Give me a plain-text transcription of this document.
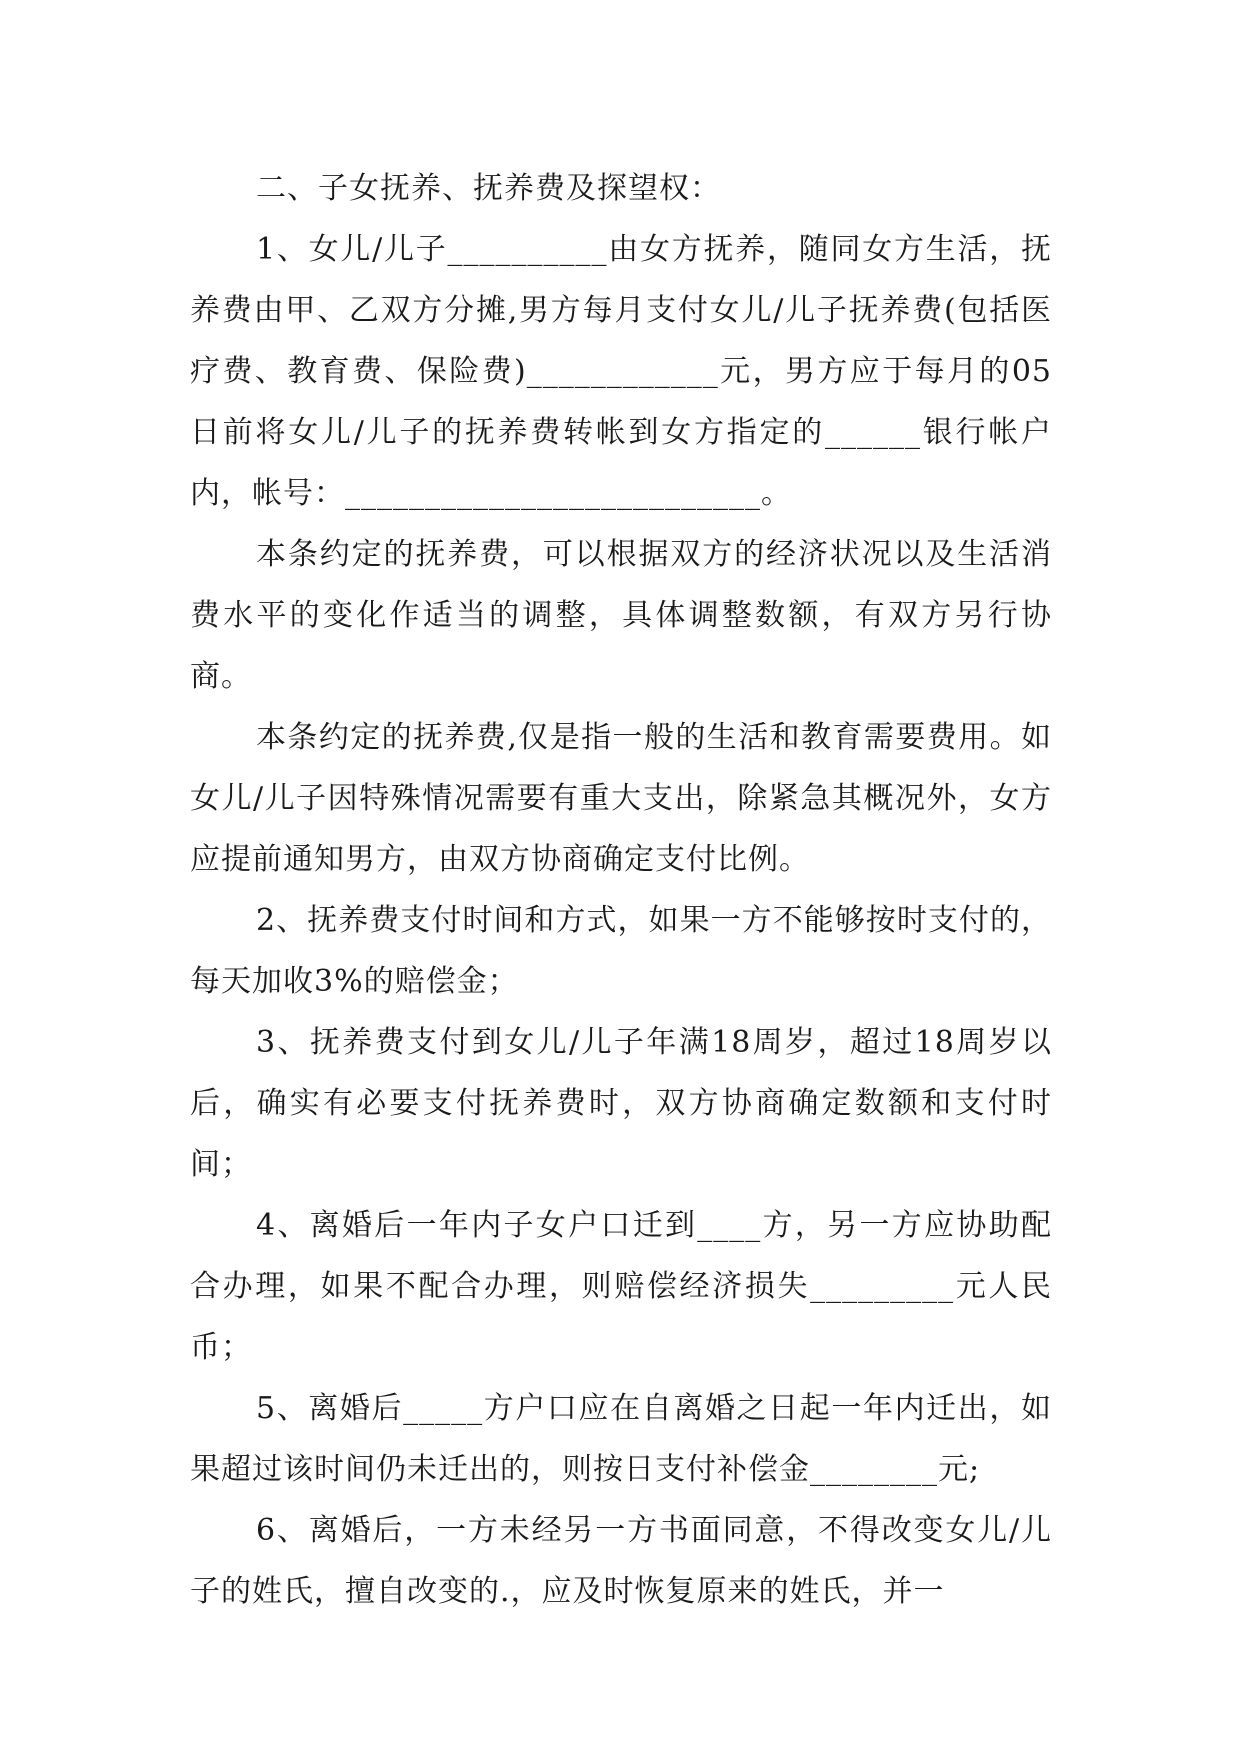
二、子女抚养、抚养费及探望权：

1、女儿/儿子__________由女方抚养，随同女方生活，抚养费由甲、乙双方分摊,男方每月支付女儿/儿子抚养费(包括医疗费、教育费、保险费)____________元，男方应于每月的05日前将女儿/儿子的抚养费转帐到女方指定的______银行帐户内，帐号：__________________________。

本条约定的抚养费，可以根据双方的经济状况以及生活消费水平的变化作适当的调整，具体调整数额，有双方另行协商。

本条约定的抚养费,仅是指一般的生活和教育需要费用。如女儿/儿子因特殊情况需要有重大支出，除紧急其概况外，女方应提前通知男方，由双方协商确定支付比例。

2、抚养费支付时间和方式，如果一方不能够按时支付的，每天加收3%的赔偿金；

3、抚养费支付到女儿/儿子年满18周岁，超过18周岁以后，确实有必要支付抚养费时，双方协商确定数额和支付时间；

4、离婚后一年内子女户口迁到____方，另一方应协助配合办理，如果不配合办理，则赔偿经济损失_________元人民币；

5、离婚后_____方户口应在自离婚之日起一年内迁出，如果超过该时间仍未迁出的，则按日支付补偿金________元;

6、离婚后，一方未经另一方书面同意，不得改变女儿/儿子的姓氏，擅自改变的.，应及时恢复原来的姓氏，并一
